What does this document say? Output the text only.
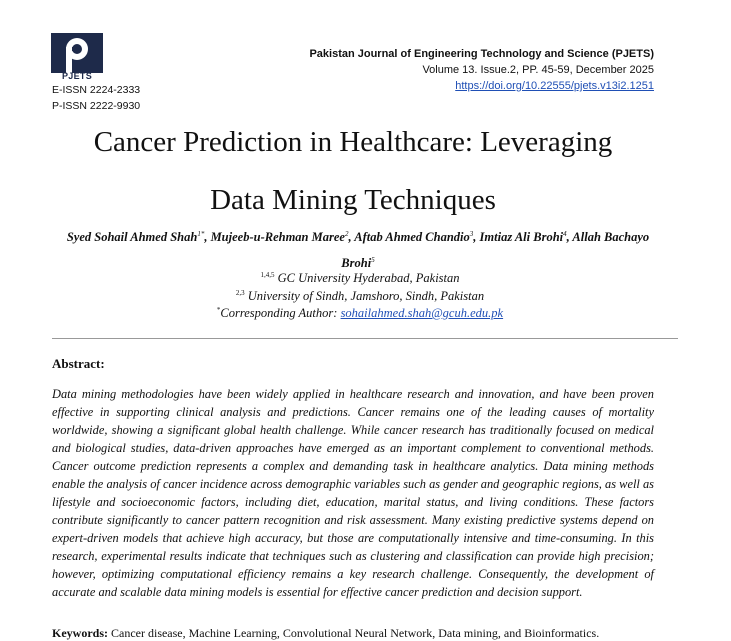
PJETS
E-ISSN 2224-2333
P-ISSN 2222-9930
Pakistan Journal of Engineering Technology and Science (PJETS)
Volume 13. Issue.2, PP. 45-59, December 2025
https://doi.org/10.22555/pjets.v13i2.1251
Cancer Prediction in Healthcare: Leveraging
Data Mining Techniques
Syed Sohail Ahmed Shah$^{1*}$, Mujeeb-u-Rehman Maree$^2$, Aftab Ahmed Chandio$^3$, Imtiaz Ali Brohi$^4$, Allah Bachayo Brohi$^5$
$^{1,4,5}$ GC University Hyderabad, Pakistan
$^{2,3}$ University of Sindh, Jamshoro, Sindh, Pakistan
*Corresponding Author: sohailahmed.shah@gcuh.edu.pk
Abstract:

Data mining methodologies have been widely applied in healthcare research and innovation, and have been proven effective in supporting clinical analysis and predictions. Cancer remains one of the leading causes of mortality worldwide, showing a significant global health challenge. While cancer research has traditionally focused on medical and biological studies, data-driven approaches have emerged as an important complement to conventional methods. Cancer outcome prediction represents a complex and demanding task in healthcare analytics. Data mining methods enable the analysis of cancer incidence across demographic variables such as gender and geographic regions, as well as lifestyle and socioeconomic factors, including diet, education, marital status, and living conditions. These factors contribute significantly to cancer pattern recognition and risk assessment. Many existing predictive systems depend on expert-driven models that achieve high accuracy, but those are computationally intensive and time-consuming. In this research, experimental results indicate that techniques such as clustering and classification can provide high precision; however, optimizing computational efficiency remains a key research challenge. Consequently, the development of accurate and scalable data mining models is essential for effective cancer prediction and decision support.

Keywords: Cancer disease, Machine Learning, Convolutional Neural Network, Data mining, and Bioinformatics.
